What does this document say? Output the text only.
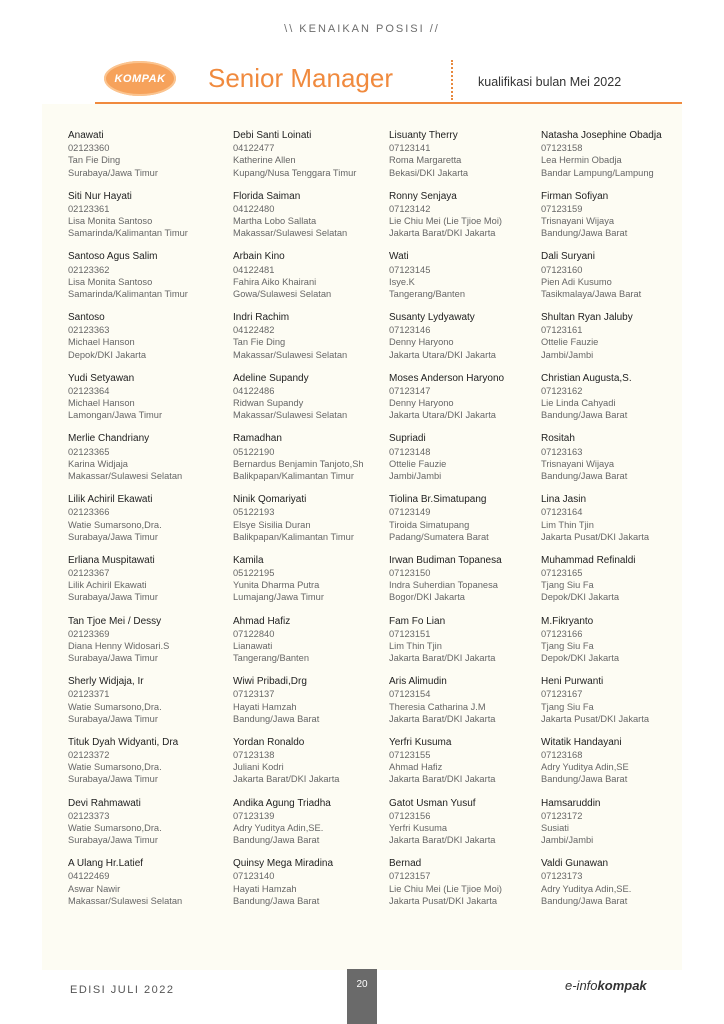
\\ KENAIKAN POSISI //
KOMPAK Senior Manager	kualifikasi bulan Mei 2022
Anawati
02123360
Tan Fie Ding
Surabaya/Jawa Timur
Siti Nur Hayati
02123361
Lisa Monita Santoso
Samarinda/Kalimantan Timur
Santoso Agus Salim
02123362
Lisa Monita Santoso
Samarinda/Kalimantan Timur
Santoso
02123363
Michael Hanson
Depok/DKI Jakarta
Yudi Setyawan
02123364
Michael Hanson
Lamongan/Jawa Timur
Merlie Chandriany
02123365
Karina Widjaja
Makassar/Sulawesi Selatan
Lilik Achiril Ekawati
02123366
Watie Sumarsono,Dra.
Surabaya/Jawa Timur
Erliana Muspitawati
02123367
Lilik Achiril Ekawati
Surabaya/Jawa Timur
Tan Tjoe Mei / Dessy
02123369
Diana Henny Widosari.S
Surabaya/Jawa Timur
Sherly Widjaja, Ir
02123371
Watie Sumarsono,Dra.
Surabaya/Jawa Timur
Tituk Dyah Widyanti, Dra
02123372
Watie Sumarsono,Dra.
Surabaya/Jawa Timur
Devi Rahmawati
02123373
Watie Sumarsono,Dra.
Surabaya/Jawa Timur
A Ulang Hr.Latief
04122469
Aswar Nawir
Makassar/Sulawesi Selatan
Debi Santi Loinati
04122477
Katherine Allen
Kupang/Nusa Tenggara Timur
Florida Saiman
04122480
Martha Lobo Sallata
Makassar/Sulawesi Selatan
Arbain Kino
04122481
Fahira Aiko Khairani
Gowa/Sulawesi Selatan
Indri Rachim
04122482
Tan Fie Ding
Makassar/Sulawesi Selatan
Adeline Supandy
04122486
Ridwan Supandy
Makassar/Sulawesi Selatan
Ramadhan
05122190
Bernardus Benjamin Tanjoto,Sh
Balikpapan/Kalimantan Timur
Ninik Qomariyati
05122193
Elsye Sisilia Duran
Balikpapan/Kalimantan Timur
Kamila
05122195
Yunita Dharma Putra
Lumajang/Jawa Timur
Ahmad Hafiz
07122840
Lianawati
Tangerang/Banten
Wiwi Pribadi,Drg
07123137
Hayati Hamzah
Bandung/Jawa Barat
Yordan Ronaldo
07123138
Juliani Kodri
Jakarta Barat/DKI Jakarta
Andika Agung Triadha
07123139
Adry Yuditya Adin,SE.
Bandung/Jawa Barat
Quinsy Mega Miradina
07123140
Hayati Hamzah
Bandung/Jawa Barat
Lisuanty Therry
07123141
Roma Margaretta
Bekasi/DKI Jakarta
Ronny Senjaya
07123142
Lie Chiu Mei (Lie Tjioe Moi)
Jakarta Barat/DKI Jakarta
Wati
07123145
Isye.K
Tangerang/Banten
Susanty Lydyawaty
07123146
Denny Haryono
Jakarta Utara/DKI Jakarta
Moses Anderson Haryono
07123147
Denny Haryono
Jakarta Utara/DKI Jakarta
Supriadi
07123148
Ottelie Fauzie
Jambi/Jambi
Tiolina Br.Simatupang
07123149
Tiroida Simatupang
Padang/Sumatera Barat
Irwan Budiman Topanesa
07123150
Indra Suherdian Topanesa
Bogor/DKI Jakarta
Fam Fo Lian
07123151
Lim Thin Tjin
Jakarta Barat/DKI Jakarta
Aris Alimudin
07123154
Theresia Catharina J.M
Jakarta Barat/DKI Jakarta
Yerfri Kusuma
07123155
Ahmad Hafiz
Jakarta Barat/DKI Jakarta
Gatot Usman Yusuf
07123156
Yerfri Kusuma
Jakarta Barat/DKI Jakarta
Bernad
07123157
Lie Chiu Mei (Lie Tjioe Moi)
Jakarta Pusat/DKI Jakarta
Natasha Josephine Obadja
07123158
Lea Hermin Obadja
Bandar Lampung/Lampung
Firman Sofiyan
07123159
Trisnayani Wijaya
Bandung/Jawa Barat
Dali Suryani
07123160
Pien Adi Kusumo
Tasikmalaya/Jawa Barat
Shultan Ryan Jaluby
07123161
Ottelie Fauzie
Jambi/Jambi
Christian Augusta,S.
07123162
Lie Linda Cahyadi
Bandung/Jawa Barat
Rositah
07123163
Trisnayani Wijaya
Bandung/Jawa Barat
Lina Jasin
07123164
Lim Thin Tjin
Jakarta Pusat/DKI Jakarta
Muhammad Refinaldi
07123165
Tjang Siu Fa
Depok/DKI Jakarta
M.Fikryanto
07123166
Tjang Siu Fa
Depok/DKI Jakarta
Heni Purwanti
07123167
Tjang Siu Fa
Jakarta Pusat/DKI Jakarta
Witatik Handayani
07123168
Adry Yuditya Adin,SE
Bandung/Jawa Barat
Hamsaruddin
07123172
Susiati
Jambi/Jambi
Valdi Gunawan
07123173
Adry Yuditya Adin,SE.
Bandung/Jawa Barat
EDISI JULI 2022	20	e-infokompak
